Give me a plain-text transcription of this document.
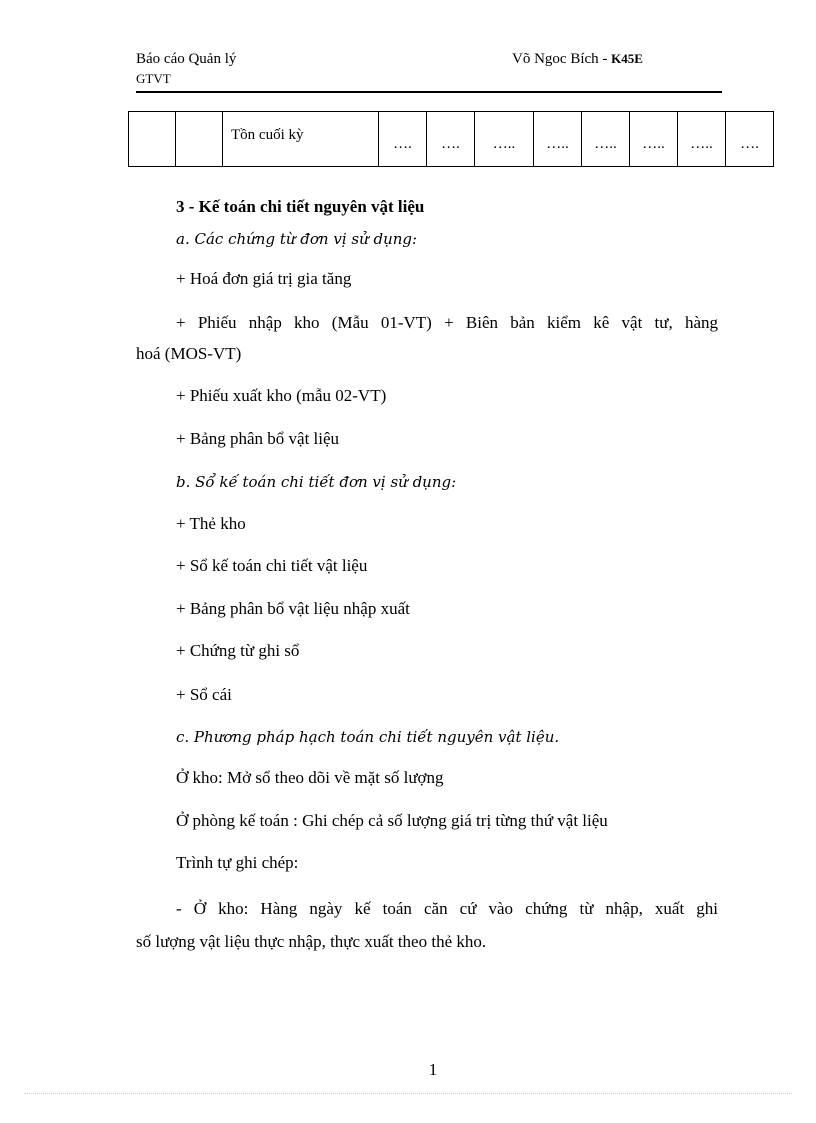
Báo cáo Quản lý
GTVT
Võ Ngoc Bích - K45E
		Tồn cuối kỳ	….	….	…..	…..	…..	…..	…..	….
3 - Kế toán chi tiết nguyên vật liệu
a. Các chứng từ đơn vị sử dụng:
+ Hoá đơn giá trị gia tăng
+ Phiếu nhập kho (Mẫu 01-VT) + Biên bản kiểm kê vật tư, hàng
hoá (MOS-VT)
+ Phiếu xuất kho (mẫu 02-VT)
+ Bảng phân bổ vật liệu
b. Sổ kế toán chi tiết đơn vị sử dụng:
+ Thẻ kho
+ Sổ kế toán chi tiết vật liệu
+ Bảng phân bổ vật liệu nhập xuất
+ Chứng từ ghi sổ
+ Sổ cái
c. Phương pháp hạch toán chi tiết nguyên vật liệu.
Ở kho: Mở sổ theo dõi về mặt số lượng
Ở phòng kế toán : Ghi chép cả số lượng giá trị từng thứ vật liệu
Trình tự ghi chép:
- Ở kho: Hàng ngày kế toán căn cứ vào chứng từ nhập, xuất ghi
số lượng vật liệu thực nhập, thực xuất theo thẻ kho.
1
